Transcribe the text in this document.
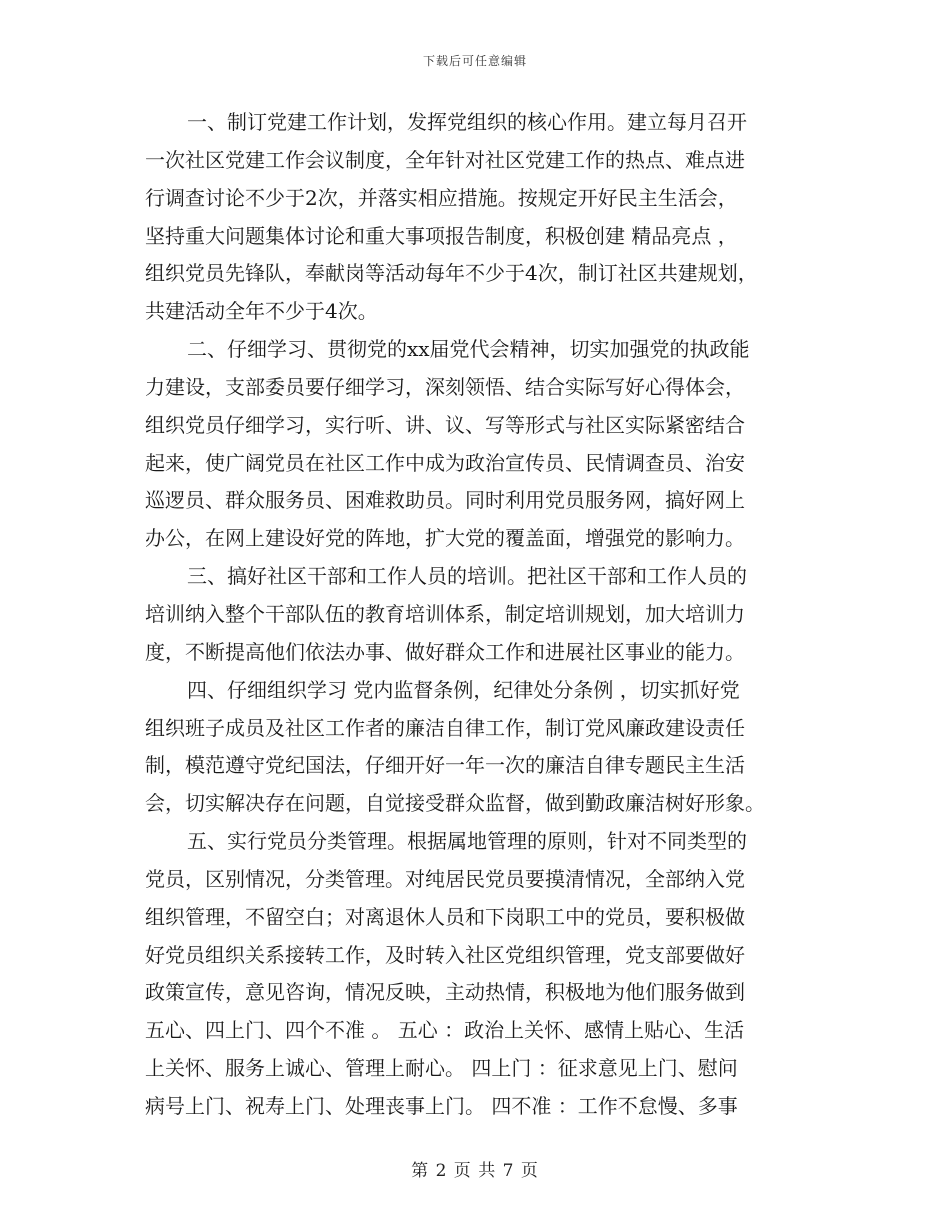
下载后可任意编辑
一、制订党建工作计划，发挥党组织的核心作用。建立每月召开
一次社区党建工作会议制度，全年针对社区党建工作的热点、难点进
行调查讨论不少于2次，并落实相应措施。按规定开好民主生活会，
坚持重大问题集体讨论和重大事项报告制度，积极创建 精品亮点 ，
组织党员先锋队，奉献岗等活动每年不少于4次，制订社区共建规划，
共建活动全年不少于4次。
二、仔细学习、贯彻党的xx届党代会精神，切实加强党的执政能
力建设，支部委员要仔细学习，深刻领悟、结合实际写好心得体会，
组织党员仔细学习，实行听、讲、议、写等形式与社区实际紧密结合
起来，使广阔党员在社区工作中成为政治宣传员、民情调查员、治安
巡逻员、群众服务员、困难救助员。同时利用党员服务网，搞好网上
办公，在网上建设好党的阵地，扩大党的覆盖面，增强党的影响力。
三、搞好社区干部和工作人员的培训。把社区干部和工作人员的
培训纳入整个干部队伍的教育培训体系，制定培训规划，加大培训力
度，不断提高他们依法办事、做好群众工作和进展社区事业的能力。
四、仔细组织学习 党内监督条例，纪律处分条例 ，切实抓好党
组织班子成员及社区工作者的廉洁自律工作，制订党风廉政建设责任
制，模范遵守党纪国法，仔细开好一年一次的廉洁自律专题民主生活
会，切实解决存在问题，自觉接受群众监督，做到勤政廉洁树好形象。
五、实行党员分类管理。根据属地管理的原则，针对不同类型的
党员，区别情况，分类管理。对纯居民党员要摸清情况，全部纳入党
组织管理，不留空白；对离退休人员和下岗职工中的党员，要积极做
好党员组织关系接转工作，及时转入社区党组织管理，党支部要做好
政策宣传，意见咨询，情况反映，主动热情，积极地为他们服务做到
五心、四上门、四个不准 。 五心 ：政治上关怀、感情上贴心、生活
上关怀、服务上诚心、管理上耐心。 四上门 ：征求意见上门、慰问
病号上门、祝寿上门、处理丧事上门。 四不准 ：工作不怠慢、多事
第 2 页 共 7 页
